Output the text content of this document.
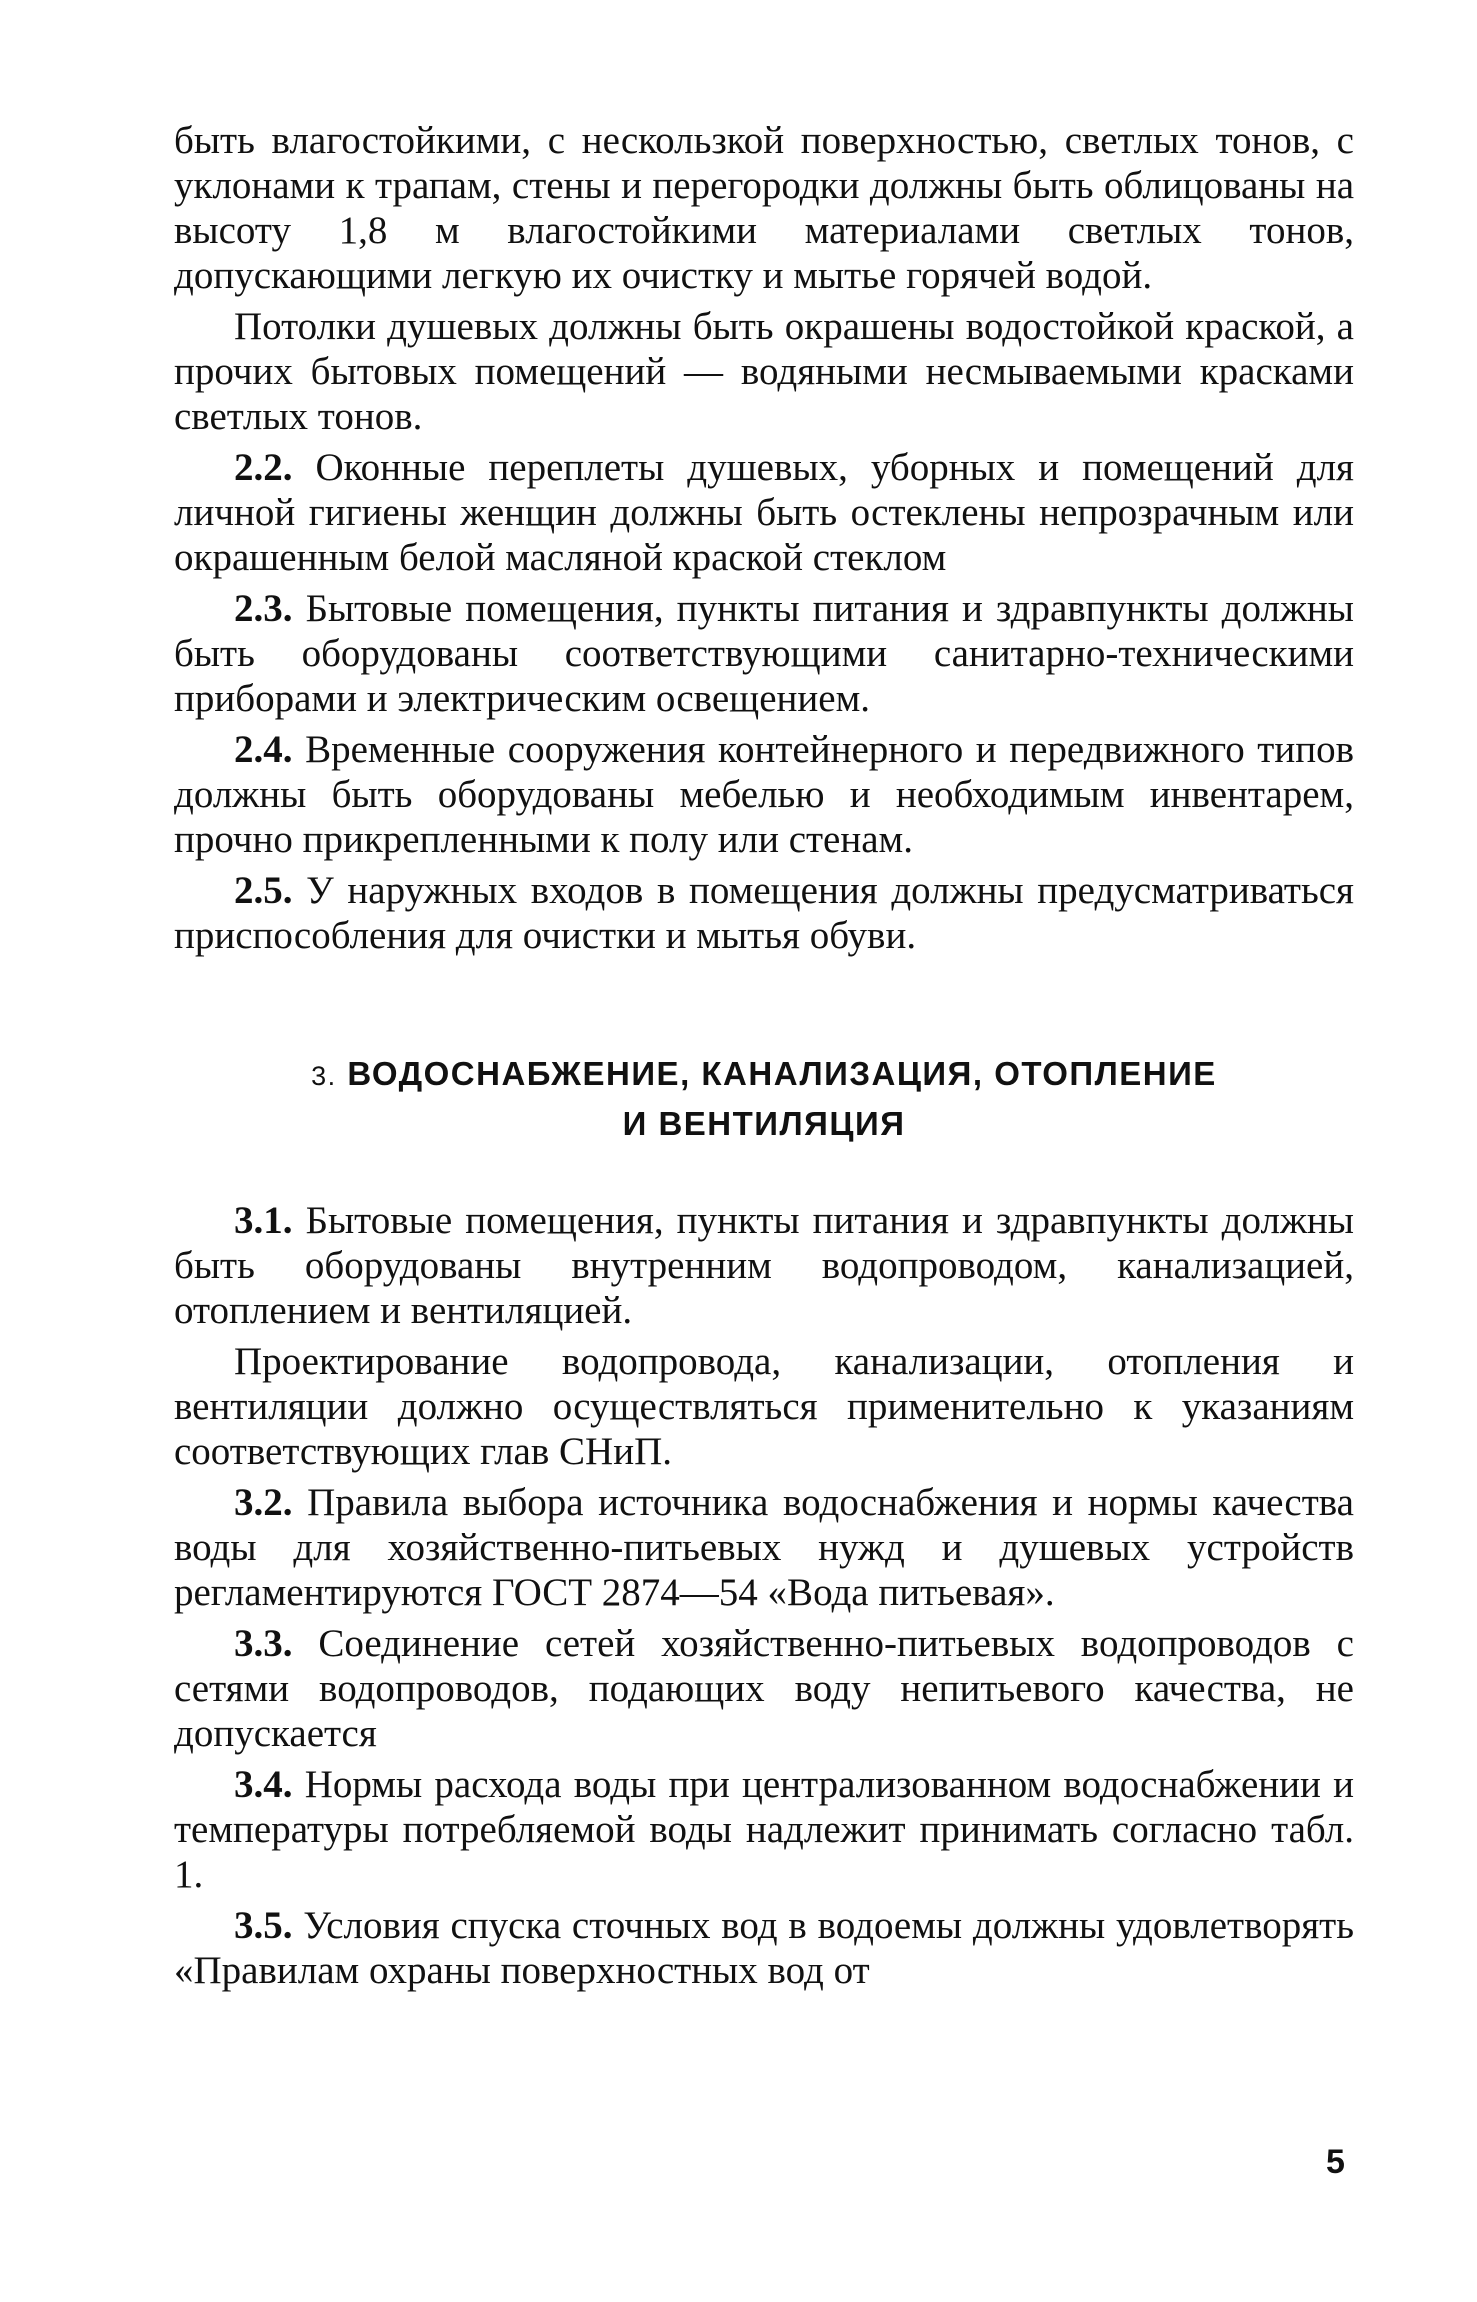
быть влагостойкими, с нескользкой поверхностью, светлых тонов, с уклонами к трапам, стены и перегородки должны быть облицованы на высоту 1,8 м влагостойкими материалами светлых тонов, допускающими легкую их очистку и мытье горячей водой.

Потолки душевых должны быть окрашены водостойкой краской, а прочих бытовых помещений — водяными несмываемыми красками светлых тонов.

2.2. Оконные переплеты душевых, уборных и помещений для личной гигиены женщин должны быть остеклены непрозрачным или окрашенным белой масляной краской стеклом

2.3. Бытовые помещения, пункты питания и здравпункты должны быть оборудованы соответствующими санитарно-техническими приборами и электрическим освещением.

2.4. Временные сооружения контейнерного и передвижного типов должны быть оборудованы мебелью и необходимым инвентарем, прочно прикрепленными к полу или стенам.

2.5. У наружных входов в помещения должны предусматриваться приспособления для очистки и мытья обуви.

3. ВОДОСНАБЖЕНИЕ, КАНАЛИЗАЦИЯ, ОТОПЛЕНИЕ
И ВЕНТИЛЯЦИЯ

3.1. Бытовые помещения, пункты питания и здравпункты должны быть оборудованы внутренним водопроводом, канализацией, отоплением и вентиляцией.

Проектирование водопровода, канализации, отопления и вентиляции должно осуществляться применительно к указаниям соответствующих глав СНиП.

3.2. Правила выбора источника водоснабжения и нормы качества воды для хозяйственно-питьевых нужд и душевых устройств регламентируются ГОСТ 2874—54 «Вода питьевая».

3.3. Соединение сетей хозяйственно-питьевых водопроводов с сетями водопроводов, подающих воду непитьевого качества, не допускается

3.4. Нормы расхода воды при централизованном водоснабжении и температуры потребляемой воды надлежит принимать согласно табл. 1.

3.5. Условия спуска сточных вод в водоемы должны удовлетворять «Правилам охраны поверхностных вод от

5
